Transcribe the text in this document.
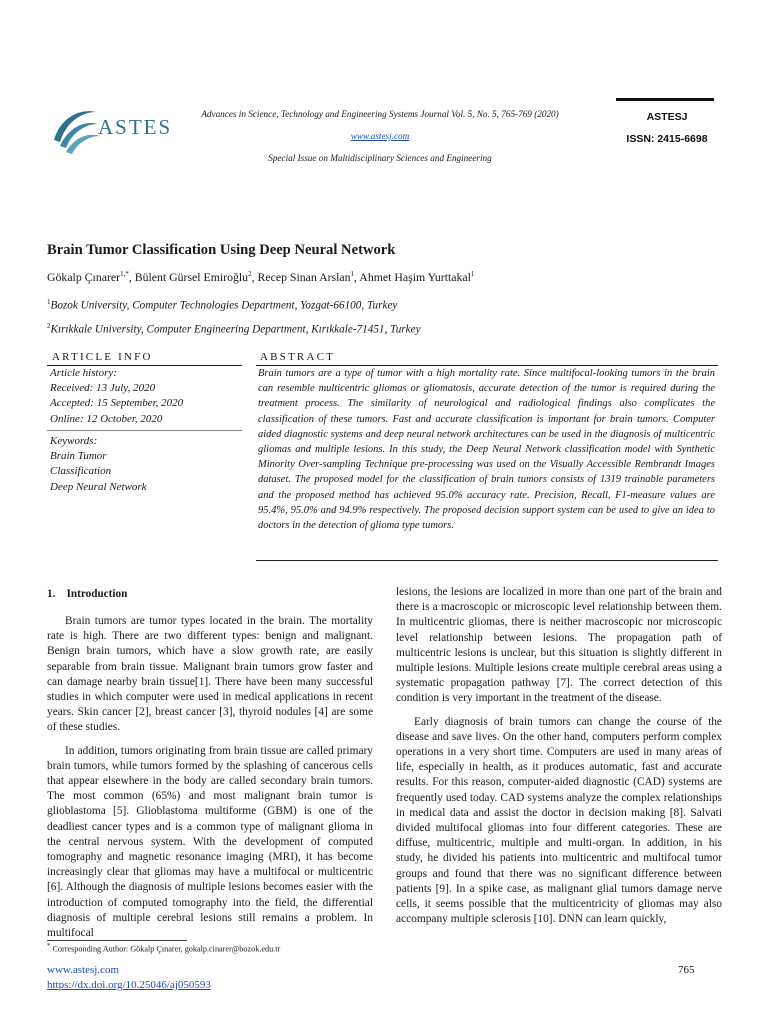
ASTES
Advances in Science, Technology and Engineering Systems Journal Vol. 5, No. 5, 765-769 (2020)
www.astesj.com
Special Issue on Multidisciplinary Sciences and Engineering
ASTESJ
ISSN: 2415-6698
Brain Tumor Classification Using Deep Neural Network
Gökalp Çınarer$^{1,*}$, Bülent Gürsel Emiroğlu$^2$, Recep Sinan Arslan$^1$, Ahmet Haşim Yurttakal$^1$
$^1$Bozok University, Computer Technologies Department, Yozgat-66100, Turkey
$^2$Kırıkkale University, Computer Engineering Department, Kırıkkale-71451, Turkey
ARTICLE INFO
Article history:
Received: 13 July, 2020
Accepted: 15 September, 2020
Online: 12 October, 2020
Keywords:
Brain Tumor
Classification
Deep Neural Network
ABSTRACT
Brain tumors are a type of tumor with a high mortality rate. Since multifocal-looking tumors in the brain can resemble multicentric gliomas or gliomatosis, accurate detection of the tumor is required during the treatment process. The similarity of neurological and radiological findings also complicates the classification of these tumors. Fast and accurate classification is important for brain tumors. Computer aided diagnostic systems and deep neural network architectures can be used in the diagnosis of multicentric gliomas and multiple lesions. In this study, the Deep Neural Network classification model with Synthetic Minority Over-sampling Technique pre-processing was used on the Visually Accessible Rembrandt Images dataset. The proposed model for the classification of brain tumors consists of 1319 trainable parameters and the proposed method has achieved 95.0% accuracy rate. Precision, Recall, F1-measure values are 95.4%, 95.0% and 94.9% respectively. The proposed decision support system can be used to give an idea to doctors in the detection of glioma type tumors.
1.    Introduction

Brain tumors are tumor types located in the brain. The mortality rate is high. There are two different types: benign and malignant. Benign brain tumors, which have a slow growth rate, are easily separable from brain tissue. Malignant brain tumors grow faster and can damage nearby brain tissue[1]. There have been many successful studies in which computer were used in medical applications in recent years. Skin cancer [2], breast cancer [3], thyroid nodules [4] are some of these studies.

In addition, tumors originating from brain tissue are called primary brain tumors, while tumors formed by the splashing of cancerous cells that appear elsewhere in the body are called secondary brain tumors. The most common (65%) and most malignant brain tumor is glioblastoma [5]. Glioblastoma multiforme (GBM) is one of the deadliest cancer types and is a common type of malignant glioma in the central nervous system. With the development of computed tomography and magnetic resonance imaging (MRI), it has become increasingly clear that gliomas may have a multifocal or multicentric [6]. Although the diagnosis of multiple lesions becomes easier with the introduction of computed tomography into the field, the differential diagnosis of multiple cerebral lesions still remains a problem. In multifocal

lesions, the lesions are localized in more than one part of the brain and there is a macroscopic or microscopic level relationship between them. In multicentric gliomas, there is neither macroscopic nor microscopic level relationship between lesions. The propagation path of multicentric lesions is unclear, but this situation is slightly different in multiple lesions. Multiple lesions create multiple cerebral areas using a systematic propagation pathway [7]. The correct detection of this condition is very important in the treatment of the disease.

Early diagnosis of brain tumors can change the course of the disease and save lives. On the other hand, computers perform complex operations in a very short time. Computers are used in many areas of life, especially in health, as it produces automatic, fast and accurate results. For this reason, computer-aided diagnostic (CAD) systems are frequently used today. CAD systems analyze the complex relationships in medical data and assist the doctor in decision making [8]. Salvati divided multifocal gliomas into four different categories. These are diffuse, multicentric, multiple and multi-organ. In addition, in his study, he divided his patients into multicentric and multifocal tumor groups and found that there was no significant difference between patients [9]. In a spike case, as malignant glial tumors damage nerve cells, it seems possible that the multicentricity of gliomas may also accompany multiple sclerosis [10]. DNN can learn quickly,

* Corresponding Author: Gökalp Çınarer, gokalp.cinarer@bozok.edu.tr
www.astesj.com
https://dx.doi.org/10.25046/aj050593
765
